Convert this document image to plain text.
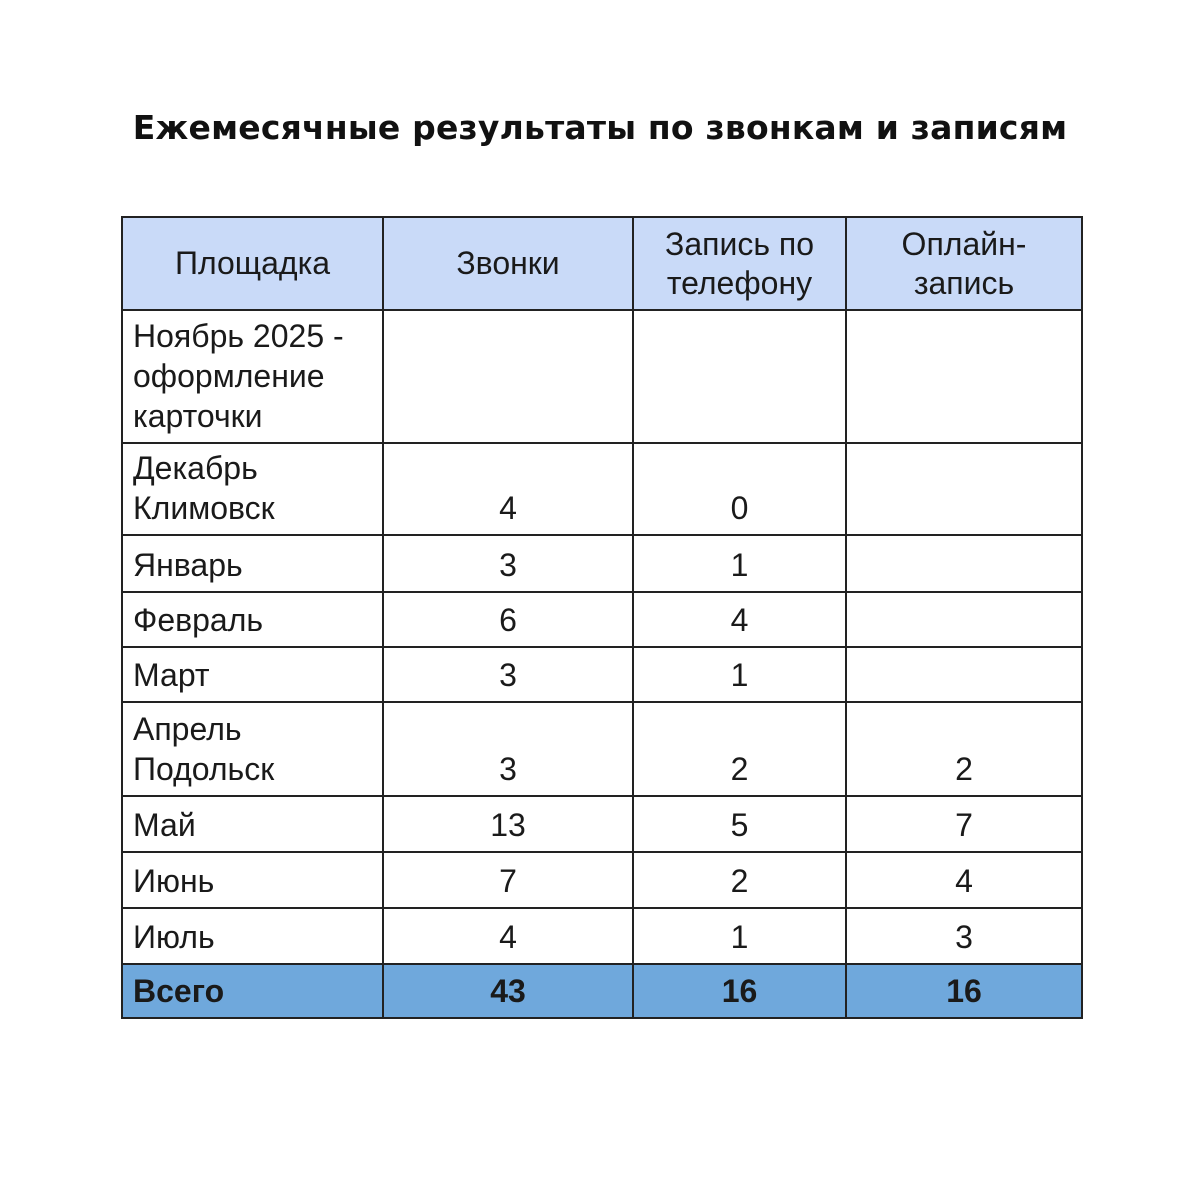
Ежемесячные результаты по звонкам и записям
Площадка	Звонки	Запись по телефону	Оплайн-запись
Ноябрь 2025 - оформление карточки			
Декабрь Климовск	4	0	
Январь	3	1	
Февраль	6	4	
Март	3	1	
Апрель Подольск	3	2	2
Май	13	5	7
Июнь	7	2	4
Июль	4	1	3
Всего	43	16	16
